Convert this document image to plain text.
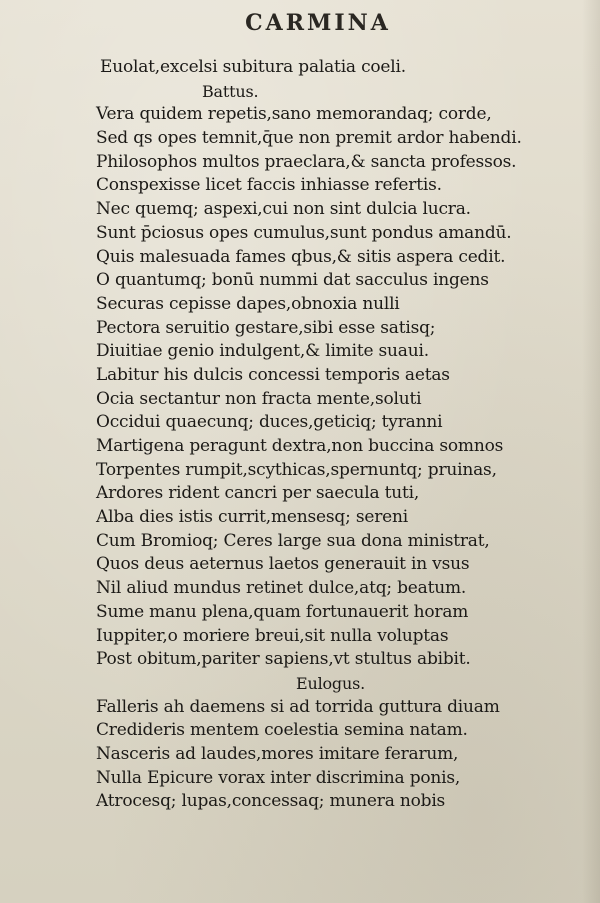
CARMINA
Euolat,excelsi subitura palatia coeli.
Battus.
Vera quidem repetis,sano memorandaq; corde,
Sed qs opes temnit,q̄ue non premit ardor habendi.
Philosophos multos praeclara,& sancta professos.
Conspexisse licet faccis inhiasse refertis.
Nec quemq; aspexi,cui non sint dulcia lucra.
Sunt p̄ciosus opes cumulus,sunt pondus amandū.
Quis malesuada fames qbus,& sitis aspera cedit.
O quantumq; bonū nummi dat sacculus ingens
Securas cepisse dapes,obnoxia nulli
Pectora seruitio gestare,sibi esse satisq;
Diuitiae genio indulgent,& limite suaui.
Labitur his dulcis concessi temporis aetas
Ocia sectantur non fracta mente,soluti
Occidui quaecunq; duces,geticiq; tyranni
Martigena peragunt dextra,non buccina somnos
Torpentes rumpit,scythicas,spernuntq; pruinas,
Ardores rident cancri per saecula tuti,
Alba dies istis currit,mensesq; sereni
Cum Bromioq; Ceres large sua dona ministrat,
Quos deus aeternus laetos generauit in vsus
Nil aliud mundus retinet dulce,atq; beatum.
Sume manu plena,quam fortunauerit horam
Iuppiter,o moriere breui,sit nulla voluptas
Post obitum,pariter sapiens,vt stultus abibit.
Eulogus.
Falleris ah daemens si ad torrida guttura diuam
Credideris mentem coelestia semina natam.
Nasceris ad laudes,mores imitare ferarum,
Nulla Epicure vorax inter discrimina ponis,
Atrocesq; lupas,concessaq; munera nobis
